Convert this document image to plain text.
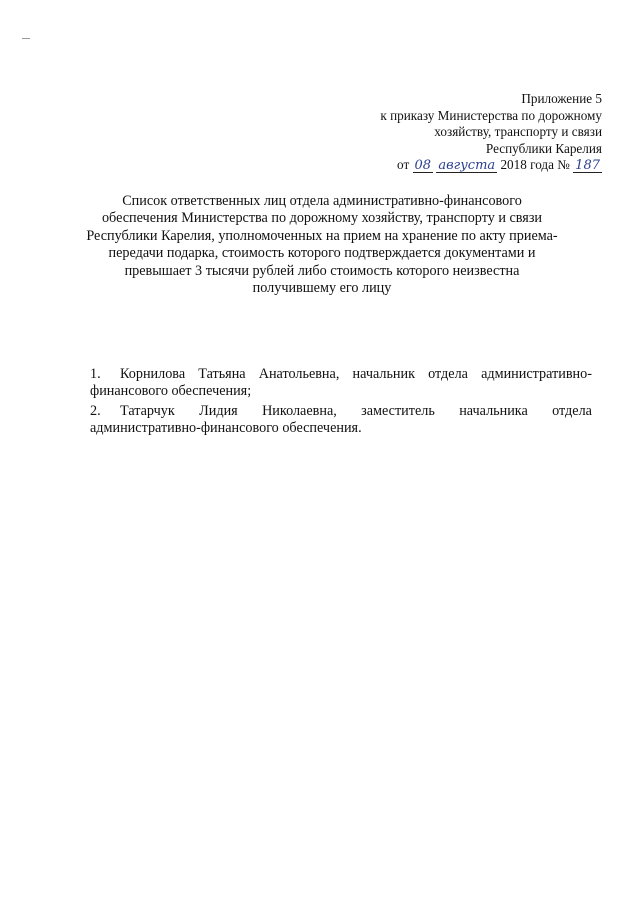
Приложение 5
к приказу Министерства по дорожному
хозяйству, транспорту и связи
Республики Карелия
от 08 августа 2018 года № 187
Список ответственных лиц отдела административно-финансового
обеспечения Министерства по дорожному хозяйству, транспорту и связи
Республики Карелия, уполномоченных на прием на хранение по акту приема-
передачи подарка, стоимость которого подтверждается документами и
превышает 3 тысячи рублей либо стоимость которого неизвестна
получившему его лицу
1.	Корнилова Татьяна Анатольевна, начальник отдела административно-
финансового обеспечения;
2.	Татарчук Лидия Николаевна, заместитель начальника отдела
административно-финансового обеспечения.
